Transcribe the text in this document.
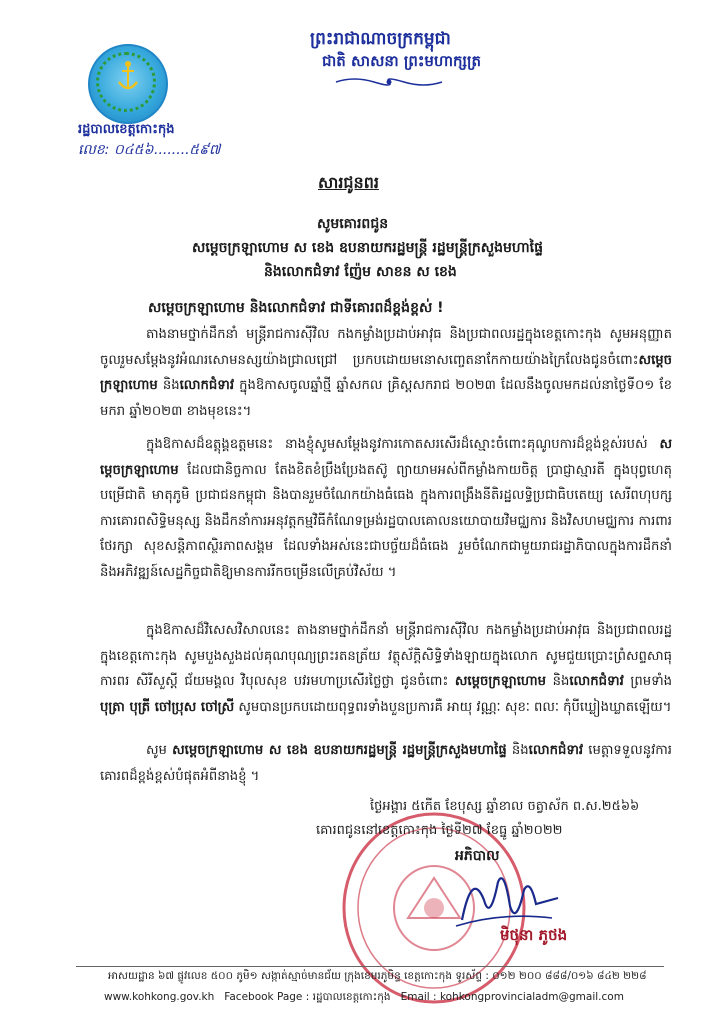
រដ្ឋបាលខេត្តកោះកុង
លេខ: ០៤៥៦........៥៩៧
ព្រះរាជាណាចក្រកម្ពុជា
ជាតិ សាសនា ព្រះមហាក្សត្រ
សារជូនពរ
សូមគោរពជូន
សម្តេចក្រឡាហោម ស ខេង ឧបនាយករដ្ឋមន្ត្រី រដ្ឋមន្ត្រីក្រសួងមហាផ្ទៃ
និងលោកជំទាវ ញ៉ែម សាខន ស ខេង
សម្តេចក្រឡាហោម និងលោកជំទាវ ជាទីគោរពដ៏ខ្ពង់ខ្ពស់ !
តាងនាមថ្នាក់ដឹកនាំ មន្ត្រីរាជការស៊ីវិល កងកម្លាំងប្រដាប់អាវុធ និងប្រជាពលរដ្ឋក្នុងខេត្តកោះកុង សូមអនុញ្ញាតចូលរួមសម្តែងនូវអំណរសោមនស្សយ៉ាងជ្រាលជ្រៅ ប្រកបដោយមនោសញ្ចេតនាកែកាយយ៉ាងក្រៃលែងជូនចំពោះសម្តេចក្រឡាហោម និងលោកជំទាវ ក្នុងឱកាសចូលឆ្នាំថ្មី ឆ្នាំសកល គ្រិស្តសករាជ ២០២៣ ដែលនឹងចូលមកដល់នាថ្ងៃទី០១ ខែមករា ឆ្នាំ២០២៣ ខាងមុខនេះ។
ក្នុងឱកាសដ៏ឧត្តុង្គឧត្តមនេះ នាងខ្ញុំសូមសម្តែងនូវការកោតសរសើរដ៏ស្មោះចំពោះគុណូបការដ៏ខ្ពង់ខ្ពស់របស់ សម្តេចក្រឡាហោម ដែលជានិច្ចកាល តែងខិតខំប្រឹងប្រែងតស៊ូ ព្យាយាមអស់ពីកម្លាំងកាយចិត្ត ប្រាជ្ញាស្មារតី ក្នុងបុព្វហេតុបម្រើជាតិ មាតុភូមិ ប្រជាជនកម្ពុជា និងបានរួមចំណែកយ៉ាងធំធេង ក្នុងការពង្រឹងនីតិរដ្ឋលទ្ធិប្រជាធិបតេយ្យ សេរីពហុបក្ស ការគោរពសិទ្ធិមនុស្ស និងដឹកនាំការអនុវត្តកម្មវិធីកំណែទម្រង់រដ្ឋបាលគោលនយោបាយវិមជ្ឈការ និងវិសហមជ្ឈការ ការពារ ថែរក្សា សុខសន្តិភាពស្ថិរភាពសង្គម ដែលទាំងអស់នេះជាបច្ច័យដ៏ធំធេង រួមចំណែកជាមួយរាជរដ្ឋាភិបាលក្នុងការដឹកនាំ និងអភិវឌ្ឍន៍សេដ្ឋកិច្ចជាតិឱ្យមានការរីកចម្រើនលើគ្រប់វិស័យ ។
ក្នុងឱកាសដ៏វិសេសវិសាលនេះ តាងនាមថ្នាក់ដឹកនាំ មន្ត្រីរាជការស៊ីវិល កងកម្លាំងប្រដាប់អាវុធ និងប្រជាពលរដ្ឋក្នុងខេត្តកោះកុង សូមបួងសួងដល់គុណបុណ្យព្រះរតនត្រ័យ វត្ថុស័ក្តិសិទ្ធិទាំងឡាយក្នុងលោក សូមជួយប្រោះព្រំសព្ទសាធុការពរ សិរីសួស្តី ជ័យមង្គល វិបុលសុខ បវរមហាប្រសើរថ្លៃថ្លា ជូនចំពោះ សម្តេចក្រឡាហោម និងលោកជំទាវ ព្រមទាំង បុត្រា បុត្រី ចៅប្រុស ចៅស្រី សូមបានប្រកបដោយពុទ្ធពរទាំងបួនប្រការគឺ អាយុ វណ្ណៈ សុខៈ ពលៈ កុំបីឃ្លៀងឃ្លាតឡើយ។
សូម សម្តេចក្រឡាហោម ស ខេង ឧបនាយករដ្ឋមន្ត្រី រដ្ឋមន្ត្រីក្រសួងមហាផ្ទៃ និងលោកជំទាវ មេត្តាទទួលនូវការគោរពដ៏ខ្ពង់ខ្ពស់បំផុតអំពីនាងខ្ញុំ ។
ថ្ងៃអង្គារ ៥កើត ខែបុស្ស ឆ្នាំខាល ចត្វាស័ក ព.ស.២៥៦៦
គោរពជូននៅខេត្តកោះកុង ថ្ងៃទី២៧ ខែធ្នូ ឆ្នាំ២០២២
អភិបាល
មិថុនា ភូថង
អាសយដ្ឋាន ៦៧ ផ្លូវលេខ ៥០០ ភូមិ១ សង្កាត់ស្មាច់មានជ័យ ក្រុងខេមរភូមិន្ទ ខេត្តកោះកុង ទូរស័ព្ទ : ០១២ ២០០ ៨៨៨/០១៦ ៨៤២ ២២៨
www.kohkong.gov.kh Facebook Page : រដ្ឋបាលខេត្តកោះកុង Email : kohkongprovincialadm@gmail.com
